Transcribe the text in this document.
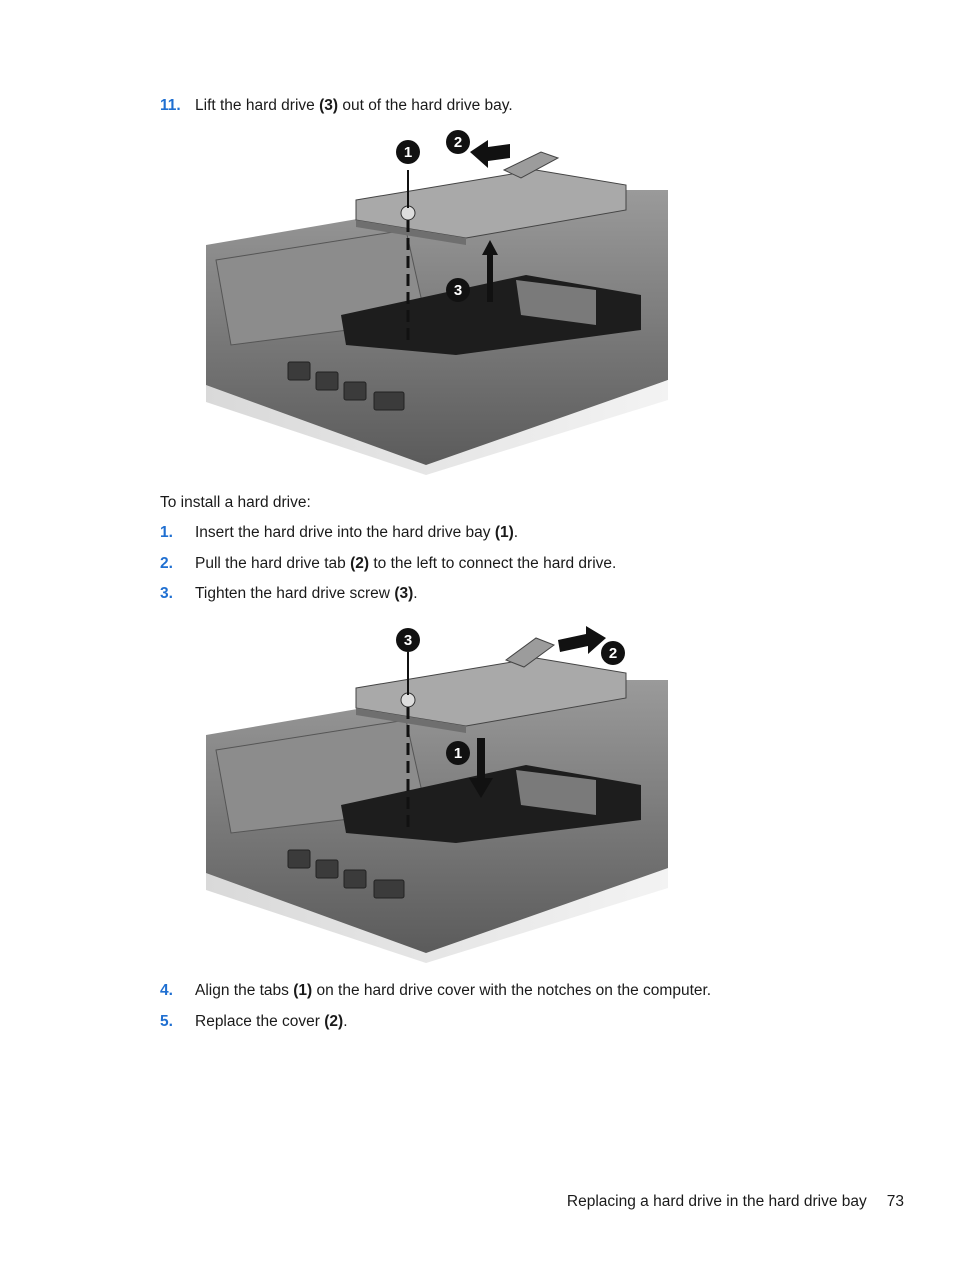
11. Lift the hard drive (3) out of the hard drive bay.
1
2
3
To install a hard drive:
1. Insert the hard drive into the hard drive bay (1).
2. Pull the hard drive tab (2) to the left to connect the hard drive.
3. Tighten the hard drive screw (3).
3
2
1
4. Align the tabs (1) on the hard drive cover with the notches on the computer.
5. Replace the cover (2).
Replacing a hard drive in the hard drive bay 73
